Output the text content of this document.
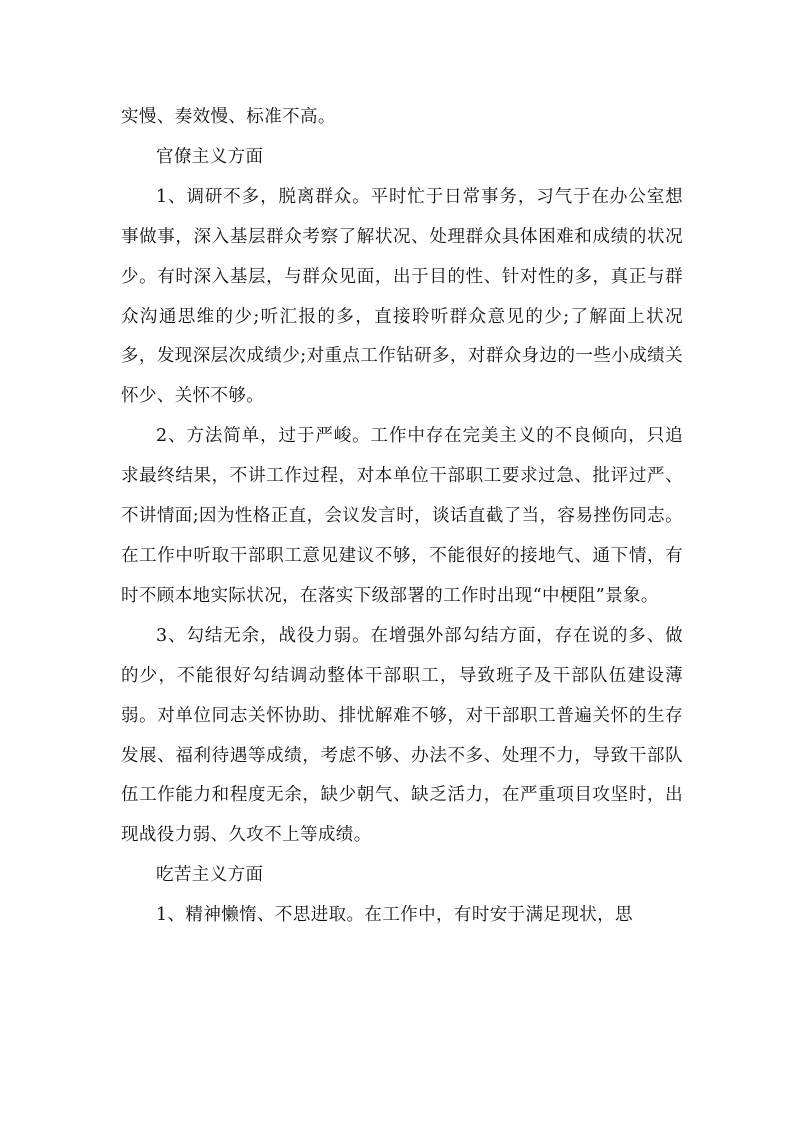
实慢、奏效慢、标准不高。

官僚主义方面

1、调研不多，脱离群众。平时忙于日常事务，习气于在办公室想事做事，深入基层群众考察了解状况、处理群众具体困难和成绩的状况少。有时深入基层，与群众见面，出于目的性、针对性的多，真正与群众沟通思维的少;听汇报的多，直接聆听群众意见的少;了解面上状况多，发现深层次成绩少;对重点工作钻研多，对群众身边的一些小成绩关怀少、关怀不够。

2、方法简单，过于严峻。工作中存在完美主义的不良倾向，只追求最终结果，不讲工作过程，对本单位干部职工要求过急、批评过严、不讲情面;因为性格正直，会议发言时，谈话直截了当，容易挫伤同志。在工作中听取干部职工意见建议不够，不能很好的接地气、通下情，有时不顾本地实际状况，在落实下级部署的工作时出现“中梗阻”景象。

3、勾结无余，战役力弱。在增强外部勾结方面，存在说的多、做的少，不能很好勾结调动整体干部职工，导致班子及干部队伍建设薄弱。对单位同志关怀协助、排忧解难不够，对干部职工普遍关怀的生存发展、福利待遇等成绩，考虑不够、办法不多、处理不力，导致干部队伍工作能力和程度无余，缺少朝气、缺乏活力，在严重项目攻坚时，出现战役力弱、久攻不上等成绩。

吃苦主义方面

1、精神懒惰、不思进取。在工作中，有时安于满足现状，思
